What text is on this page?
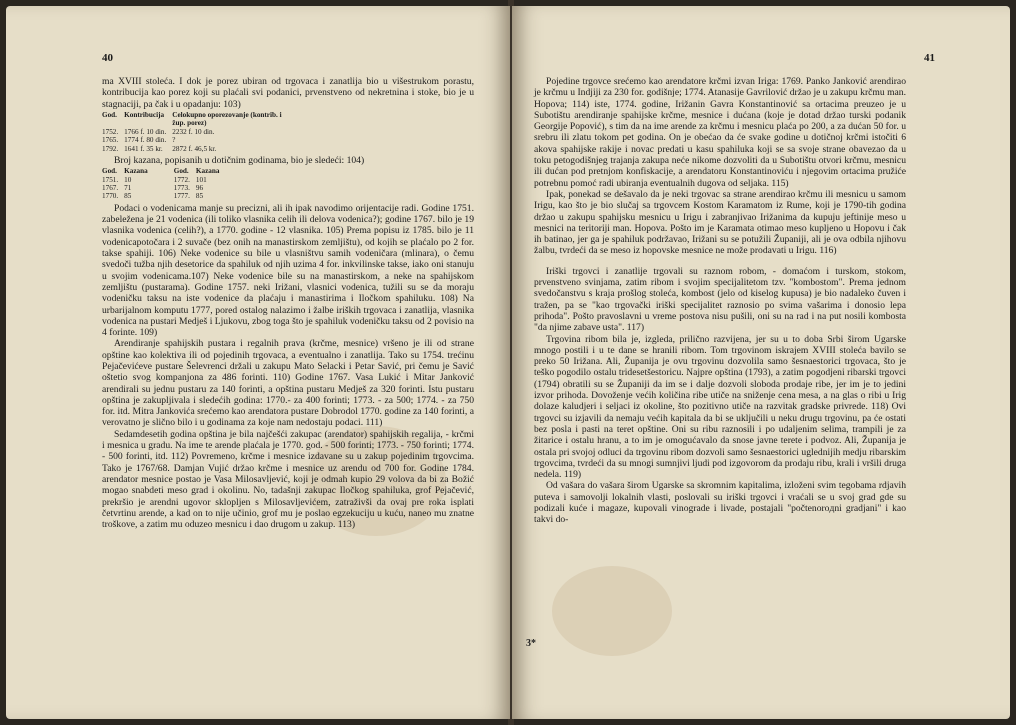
40

ma XVIII stoleća. I dok je porez ubiran od trgovaca i zanatlija bio u višestrukom porastu, kontribucija kao porez koji su plaćali svi podanici, prvenstveno od nekretnina i stoke, bio je u stagnaciji, pa čak i u opadanju: 103)

God.	Kontribucija	Celokupno oporezovanje (kontrib. i žup. porez)
1752.	1766 f. 10 din.	2232 f. 10 din.
1765.	1774 f. 80 din.	?
1792.	1641 f. 35 kr.	2872 f. 46,5 kr.

Broj kazana, popisanih u dotičnim godinama, bio je sledeći: 104)

God.	Kazana	God.	Kazana
1751.	10	1772.	101
1767.	71	1773.	96
1770.	85	1777.	85

Podaci o vodenicama manje su precizni, ali ih ipak navodimo orijentacije radi. Godine 1751. zabeležena je 21 vodenica (ili toliko vlasnika celih ili delova vodenica?); godine 1767. bilo je 19 vlasnika vodenica (celih?), a 1770. godine - 12 vlasnika. 105) Prema popisu iz 1785. bilo je 11 vodenicapotočara i 2 suvače (bez onih na manastirskom zemljištu), od kojih se plaćalo po 2 for. takse spahiji. 106) Neke vodenice su bile u vlasništvu samih vodeničara (mlinara), o čemu svedoči tužba njih desetorice da spahiluk od njih uzima 4 for. inkvilinske takse, iako oni stanuju u svojim vodenicama.107) Neke vodenice bile su na manastirskom, a neke na spahijskom zemljištu (pustarama). Godine 1757. neki Irižani, vlasnici vodenica, tužili su se da moraju vodeničku taksu na iste vodenice da plaćaju i manastirima i Iločkom spahiluku. 108) Na urbarijalnom komputu 1777, pored ostalog nalazimo i žalbe iriških trgovaca i zanatlija, vlasnika vodenica na pustari Medješ i Ljukovu, zbog toga što je spahiluk vodeničku taksu od 2 povisio na 4 forinte. 109)

Arendiranje spahijskih pustara i regalnih prava (krčme, mesnice) vršeno je ili od strane opštine kao kolektiva ili od pojedinih trgovaca, a eventualno i zanatlija. Tako su 1754. trećinu Pejačevićeve pustare Šelevrenci držali u zakupu Mato Selacki i Petar Savić, pri čemu je Savić oštetio svog kompanjona za 486 forinti. 110) Godine 1767. Vasa Lukić i Mitar Janković arendirali su jednu pustaru za 140 forinti, a opština pustaru Medješ za 320 forinti. Istu pustaru opština je zakupljivala i sledećih godina: 1770.- za 400 forinti; 1773. - za 500; 1774. - za 750 for. itd. Mitra Jankovića srećemo kao arendatora pustare Dobrodol 1770. godine za 140 forinti, a verovatno je slično bilo i u godinama za koje nam nedostaju podaci. 111)

Sedamdesetih godina opština je bila najčešći zakupac (arendator) spahijskih regalija, - krčmi i mesnica u gradu. Na ime te arende plaćala je 1770. god. - 500 forinti; 1773. - 750 forinti; 1774. - 500 forinti, itd. 112) Povremeno, krčme i mesnice izdavane su u zakup pojedinim trgovcima. Tako je 1767/68. Damjan Vujić držao krčme i mesnice uz arendu od 700 for. Godine 1784. arendator mesnice postao je Vasa Milosavljević, koji je odmah kupio 29 volova da bi za Božić mogao snabdeti meso grad i okolinu. No, tadašnji zakupac Iločkog spahiluka, grof Pejačević, prekršio je arendni ugovor sklopljen s Milosavljevićem, zatraživši da ovaj pre roka isplati četvrtinu arende, a kad on to nije učinio, grof mu je poslao egzekuciju u kuću, naneo mu znatne troškove, a zatim mu oduzeo mesnicu i dao drugom u zakup. 113)

41
3*

Pojedine trgovce srećemo kao arendatore krčmi izvan Iriga: 1769. Panko Janković arendirao je krčmu u Indjiji za 230 for. godišnje; 1774. Atanasije Gavrilović držao je u zakupu krčmu man. Hopova; 114) iste, 1774. godine, Irižanin Gavra Konstantinović sa ortacima preuzeo je u Subotištu arendiranje spahijske krčme, mesnice i dućana (koje je dotad držao turski podanik Georgije Popović), s tim da na ime arende za krčmu i mesnicu plaća po 200, a za dućan 50 for. u srebru ili zlatu tokom pet godina. On je obećao da će svake godine u dotičnoj krčmi istočiti 6 akova spahijske rakije i novac predati u kasu spahiluka koji se sa svoje strane obavezao da u toku petogodišnjeg trajanja zakupa neće nikome dozvoliti da u Subotištu otvori krčmu, mesnicu ili dućan pod pretnjom konfiskacije, a arendatoru Konstantinoviću i njegovim ortacima pružiće potrebnu pomoć radi ubiranja eventualnih dugova od seljaka. 115)

Ipak, ponekad se dešavalo da je neki trgovac sa strane arendirao krčmu ili mesnicu u samom Irigu, kao što je bio slučaj sa trgovcem Kostom Karamatom iz Rume, koji je 1790-tih godina držao u zakupu spahijsku mesnicu u Irigu i zabranjivao Irižanima da kupuju jeftinije meso u mesnici na teritoriji man. Hopova. Pošto im je Karamata otimao meso kupljeno u Hopovu i čak ih batinao, jer ga je spahiluk podržavao, Irižani su se potužili Županiji, ali je ova odbila njihovu žalbu, tvrdeći da se meso iz hopovske mesnice ne može prodavati u Irigu. 116)

Iriški trgovci i zanatlije trgovali su raznom robom, - domaćom i turskom, stokom, prvenstveno svinjama, zatim ribom i svojim specijalitetom tzv. "kombostom". Prema jednom svedočanstvu s kraja prošlog stoleća, kombost (jelo od kiselog kupusa) je bio nadaleko čuven i tražen, pa se "kao trgovački iriški specijalitet raznosio po svima vašarima i donosio lepa prihoda". Pošto pravoslavni u vreme postova nisu pušili, oni su na rad i na put nosili kombosta "da njime zabave usta". 117)

Trgovina ribom bila je, izgleda, prilično razvijena, jer su u to doba Srbi širom Ugarske mnogo postili i u te dane se hranili ribom. Tom trgovinom iskrajem XVIII stoleća bavilo se preko 50 Irižana. Ali, Županija je ovu trgovinu dozvolila samo šesnaestorici trgovaca, što je teško pogodilo ostalu tridesetšestoricu. Najpre opština (1793), a zatim pogodjeni ribarski trgovci (1794) obratili su se Županiji da im se i dalje dozvoli sloboda prodaje ribe, jer im je to jedini izvor prihoda. Dovoženje većih količina ribe utiče na sniženje cena mesa, a na glas o ribi u Irig dolaze kaludjeri i seljaci iz okoline, što pozitivno utiče na razvitak gradske privrede. 118) Ovi trgovci su izjavili da nemaju većih kapitala da bi se uključili u neku drugu trgovinu, pa će ostati bez posla i pasti na teret opštine. Oni su ribu raznosili i po udaljenim selima, trampili je za žitarice i ostalu hranu, a to im je omogućavalo da snose javne terete i podvoz. Ali, Županija je ostala pri svojoj odluci da trgovinu ribom dozvoli samo šesnaestorici ugledniјih medju ribarskim trgovcima, tvrdeći da su mnogi sumnjivi ljudi pod izgovorom da prodaju ribu, krali i vršili druga nedela. 119)

Od vašara do vašara širom Ugarske sa skromnim kapitalima, izloženi svim tegobama rdjavih puteva i samovolji lokalnih vlasti, poslovali su iriški trgovci i vraćali se u svoj grad gde su podizali kuće i magaze, kupovali vinograde i livade, postajali "počtenoroдni gradjani" i kao takvi do-
